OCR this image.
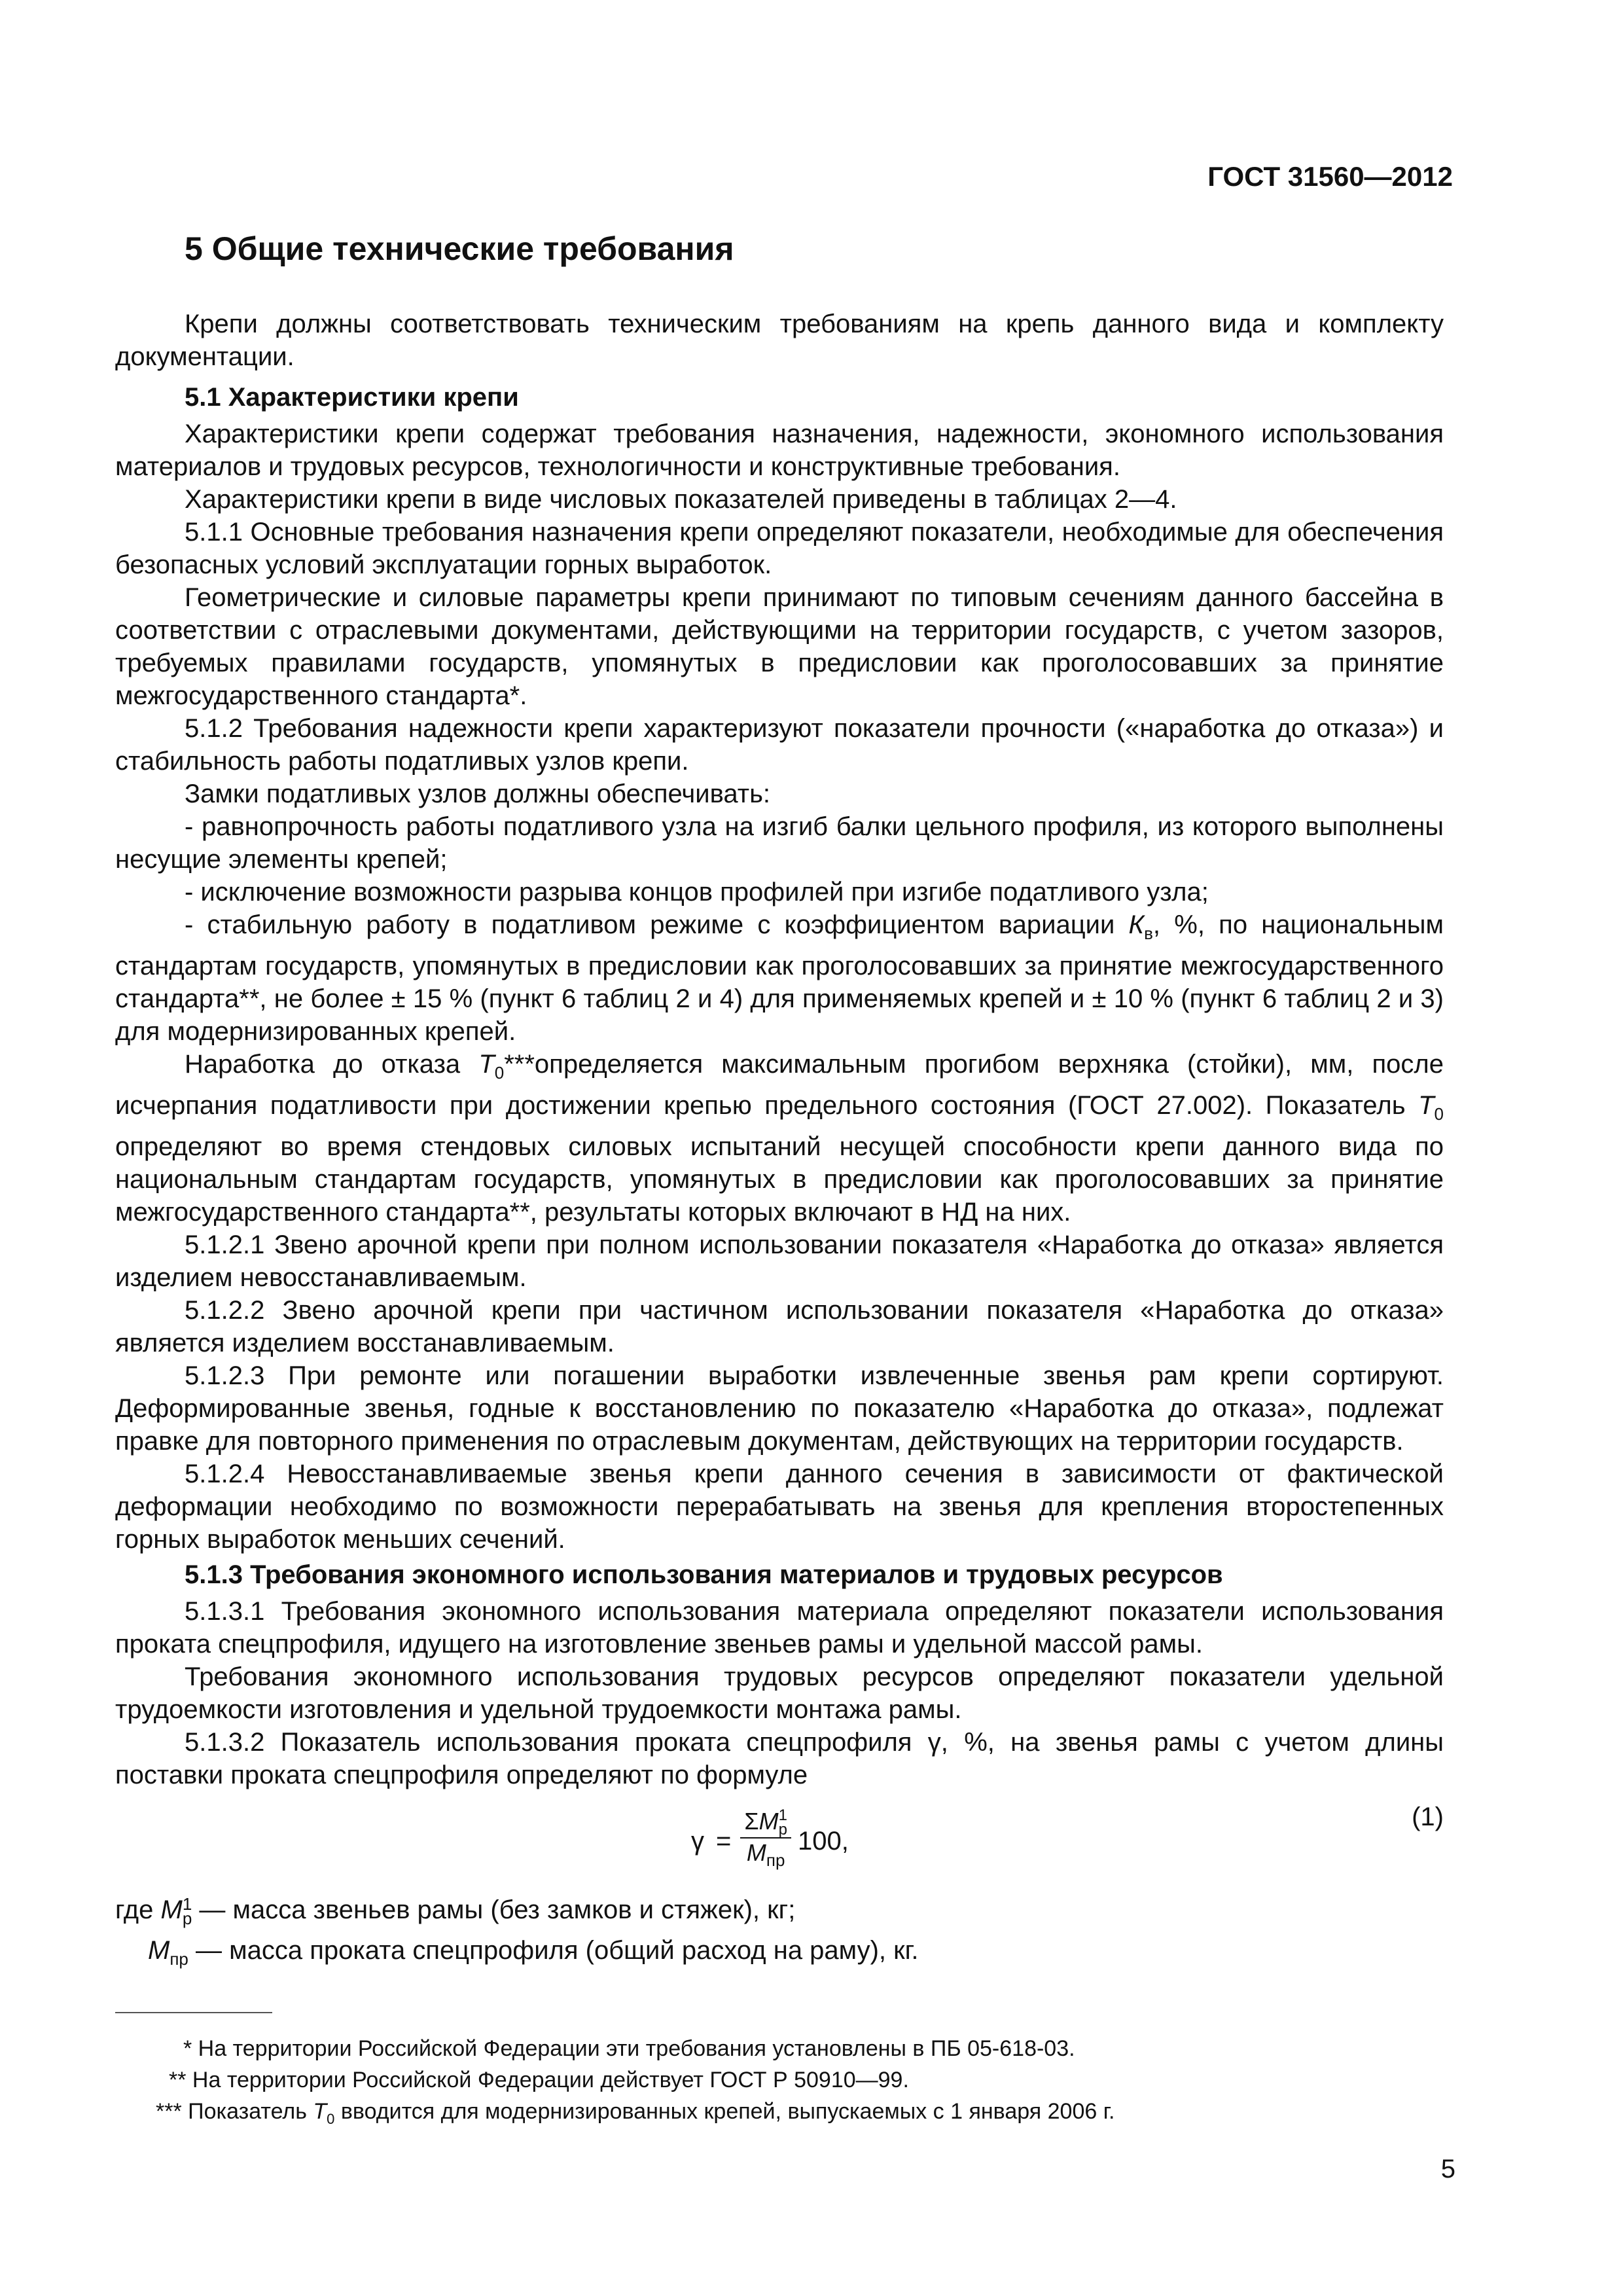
ГОСТ 31560—2012
5 Общие технические требования

Крепи должны соответствовать техническим требованиям на крепь данного вида и комплекту документации.

5.1 Характеристики крепи

Характеристики крепи содержат требования назначения, надежности, экономного использования материалов и трудовых ресурсов, технологичности и конструктивные требования.

Характеристики крепи в виде числовых показателей приведены в таблицах 2—4.

5.1.1 Основные требования назначения крепи определяют показатели, необходимые для обеспечения безопасных условий эксплуатации горных выработок.

Геометрические и силовые параметры крепи принимают по типовым сечениям данного бассейна в соответствии с отраслевыми документами, действующими на территории государств, с учетом зазоров, требуемых правилами государств, упомянутых в предисловии как проголосовавших за принятие межгосударственного стандарта*.

5.1.2 Требования надежности крепи характеризуют показатели прочности («наработка до отказа») и стабильность работы податливых узлов крепи.

Замки податливых узлов должны обеспечивать:

- равнопрочность работы податливого узла на изгиб балки цельного профиля, из которого выполнены несущие элементы крепей;

- исключение возможности разрыва концов профилей при изгибе податливого узла;

- стабильную работу в податливом режиме с коэффициентом вариации $К_в$, %, по национальным стандартам государств, упомянутых в предисловии как проголосовавших за принятие межгосударственного стандарта**, не более ± 15 % (пункт 6 таблиц 2 и 4) для применяемых крепей и ± 10 % (пункт 6 таблиц 2 и 3) для модернизированных крепей.

Наработка до отказа $Т_0***определяется$ максимальным прогибом верхняка (стойки), мм, после исчерпания податливости при достижении крепью предельного состояния (ГОСТ 27.002). Показатель $Т_0$ определяют во время стендовых силовых испытаний несущей способности крепи данного вида по национальным стандартам государств, упомянутых в предисловии как проголосовавших за принятие межгосударственного стандарта**, результаты которых включают в НД на них.

5.1.2.1 Звено арочной крепи при полном использовании показателя «Наработка до отказа» является изделием невосстанавливаемым.

5.1.2.2 Звено арочной крепи при частичном использовании показателя «Наработка до отказа» является изделием восстанавливаемым.

5.1.2.3 При ремонте или погашении выработки извлеченные звенья рам крепи сортируют. Деформированные звенья, годные к восстановлению по показателю «Наработка до отказа», подлежат правке для повторного применения по отраслевым документам, действующих на территории государств.

5.1.2.4 Невосстанавливаемые звенья крепи данного сечения в зависимости от фактической деформации необходимо по возможности перерабатывать на звенья для крепления второстепенных горных выработок меньших сечений.

5.1.3 Требования экономного использования материалов и трудовых ресурсов

5.1.3.1 Требования экономного использования материала определяют показатели использования проката спецпрофиля, идущего на изготовление звеньев рамы и удельной массой рамы.

Требования экономного использования трудовых ресурсов определяют показатели удельной трудоемкости изготовления и удельной трудоемкости монтажа рамы.

5.1.3.2 Показатель использования проката спецпрофиля γ, %, на звенья рамы с учетом длины поставки проката спецпрофиля определяют по формуле

γ = ΣM 1
р
$M_{пр}$ 100,
(1)

где M 1
р — масса звеньев рамы (без замков и стяжек), кг;

$M_{пр}$ — масса проката спецпрофиля (общий расход на раму), кг.

* На территории Российской Федерации эти требования установлены в ПБ 05-618-03.
** На территории Российской Федерации действует ГОСТ Р 50910—99.
*** Показатель $Т_0$ вводится для модернизированных крепей, выпускаемых с 1 января 2006 г.
5
